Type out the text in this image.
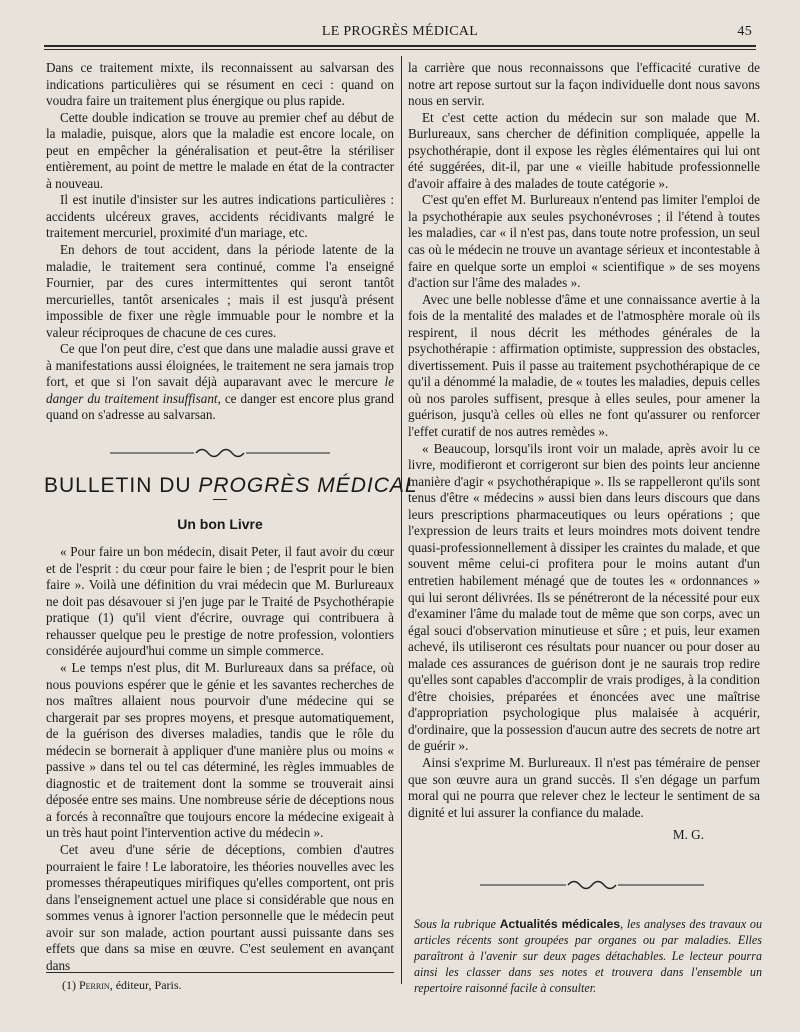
LE PROGRÈS MÉDICAL	45

Dans ce traitement mixte, ils reconnaissent au salvarsan des indications particulières qui se résument en ceci : quand on voudra faire un traitement plus énergique ou plus rapide.

Cette double indication se trouve au premier chef au début de la maladie, puisque, alors que la maladie est encore locale, on peut en empêcher la généralisation et peut-être la stériliser entièrement, au point de mettre le malade en état de la contracter à nouveau.

Il est inutile d'insister sur les autres indications particulières : accidents ulcéreux graves, accidents récidivants malgré le traitement mercuriel, proximité d'un mariage, etc.

En dehors de tout accident, dans la période latente de la maladie, le traitement sera continué, comme l'a enseigné Fournier, par des cures intermittentes qui seront tantôt mercurielles, tantôt arsenicales ; mais il est jusqu'à présent impossible de fixer une règle immuable pour le nombre et la valeur réciproques de chacune de ces cures.

Ce que l'on peut dire, c'est que dans une maladie aussi grave et à manifestations aussi éloignées, le traitement ne sera jamais trop fort, et que si l'on savait déjà auparavant avec le mercure le danger du traitement insuffisant, ce danger est encore plus grand quand on s'adresse au salvarsan.

BULLETIN DU PROGRÈS MÉDICAL
Un bon Livre

« Pour faire un bon médecin, disait Peter, il faut avoir du cœur et de l'esprit : du cœur pour faire le bien ; de l'esprit pour le bien faire ». Voilà une définition du vrai médecin que M. Burlureaux ne doit pas désavouer si j'en juge par le Traité de Psychothérapie pratique (1) qu'il vient d'écrire, ouvrage qui contribuera à rehausser quelque peu le prestige de notre profession, volontiers considérée aujourd'hui comme un simple commerce.

« Le temps n'est plus, dit M. Burlureaux dans sa préface, où nous pouvions espérer que le génie et les savantes recherches de nos maîtres allaient nous pourvoir d'une médecine qui se chargerait par ses propres moyens, et presque automatiquement, de la guérison des diverses maladies, tandis que le rôle du médecin se bornerait à appliquer d'une manière plus ou moins « passive » dans tel ou tel cas déterminé, les règles immuables de diagnostic et de traitement dont la somme se trouverait ainsi déposée entre ses mains. Une nombreuse série de déceptions nous a forcés à reconnaître que toujours encore la médecine exigeait à un très haut point l'intervention active du médecin ».

Cet aveu d'une série de déceptions, combien d'autres pourraient le faire ! Le laboratoire, les théories nouvelles avec les promesses thérapeutiques mirifiques qu'elles comportent, ont pris dans l'enseignement actuel une place si considérable que nous en sommes venus à ignorer l'action personnelle que le médecin peut avoir sur son malade, action pourtant aussi puissante dans ses effets que dans sa mise en œuvre. C'est seulement en avançant dans

(1) Perrin, éditeur, Paris.

la carrière que nous reconnaissons que l'efficacité curative de notre art repose surtout sur la façon individuelle dont nous savons nous en servir.

Et c'est cette action du médecin sur son malade que M. Burlureaux, sans chercher de définition compliquée, appelle la psychothérapie, dont il expose les règles élémentaires qui lui ont été suggérées, dit-il, par une « vieille habitude professionnelle d'avoir affaire à des malades de toute catégorie ».

C'est qu'en effet M. Burlureaux n'entend pas limiter l'emploi de la psychothérapie aux seules psychonévroses ; il l'étend à toutes les maladies, car « il n'est pas, dans toute notre profession, un seul cas où le médecin ne trouve un avantage sérieux et incontestable à faire en quelque sorte un emploi « scientifique » de ses moyens d'action sur l'âme des malades ».

Avec une belle noblesse d'âme et une connaissance avertie à la fois de la mentalité des malades et de l'atmosphère morale où ils respirent, il nous décrit les méthodes générales de la psychothérapie : affirmation optimiste, suppression des obstacles, divertissement. Puis il passe au traitement psychothérapique de ce qu'il a dénommé la maladie, de « toutes les maladies, depuis celles où nos paroles suffisent, presque à elles seules, pour amener la guérison, jusqu'à celles où elles ne font qu'assurer ou renforcer l'effet curatif de nos autres remèdes ».

« Beaucoup, lorsqu'ils iront voir un malade, après avoir lu ce livre, modifieront et corrigeront sur bien des points leur ancienne manière d'agir « psychothérapique ». Ils se rappelleront qu'ils sont tenus d'être « médecins » aussi bien dans leurs discours que dans leurs prescriptions pharmaceutiques ou leurs opérations ; que l'expression de leurs traits et leurs moindres mots doivent tendre quasi-professionnellement à dissiper les craintes du malade, et que souvent même celui-ci profitera pour le moins autant d'un entretien habilement ménagé que de toutes les « ordonnances » qui lui seront délivrées. Ils se pénétreront de la nécessité pour eux d'examiner l'âme du malade tout de même que son corps, avec un égal souci d'observation minutieuse et sûre ; et puis, leur examen achevé, ils utiliseront ces résultats pour nuancer ou pour doser au malade ces assurances de guérison dont je ne saurais trop redire qu'elles sont capables d'accomplir de vrais prodiges, à la condition d'être choisies, préparées et énoncées avec une maîtrise d'appropriation psychologique plus malaisée à acquérir, d'ordinaire, que la possession d'aucun autre des secrets de notre art de guérir ».

Ainsi s'exprime M. Burlureaux. Il n'est pas téméraire de penser que son œuvre aura un grand succès. Il s'en dégage un parfum moral qui ne pourra que relever chez le lecteur le sentiment de sa dignité et lui assurer la confiance du malade.

M. G.
Sous la rubrique Actualités médicales, les analyses des travaux ou articles récents sont groupées par organes ou par maladies. Elles paraîtront à l'avenir sur deux pages détachables. Le lecteur pourra ainsi les classer dans ses notes et trouvera dans l'ensemble un repertoire raisonné facile à consulter.
